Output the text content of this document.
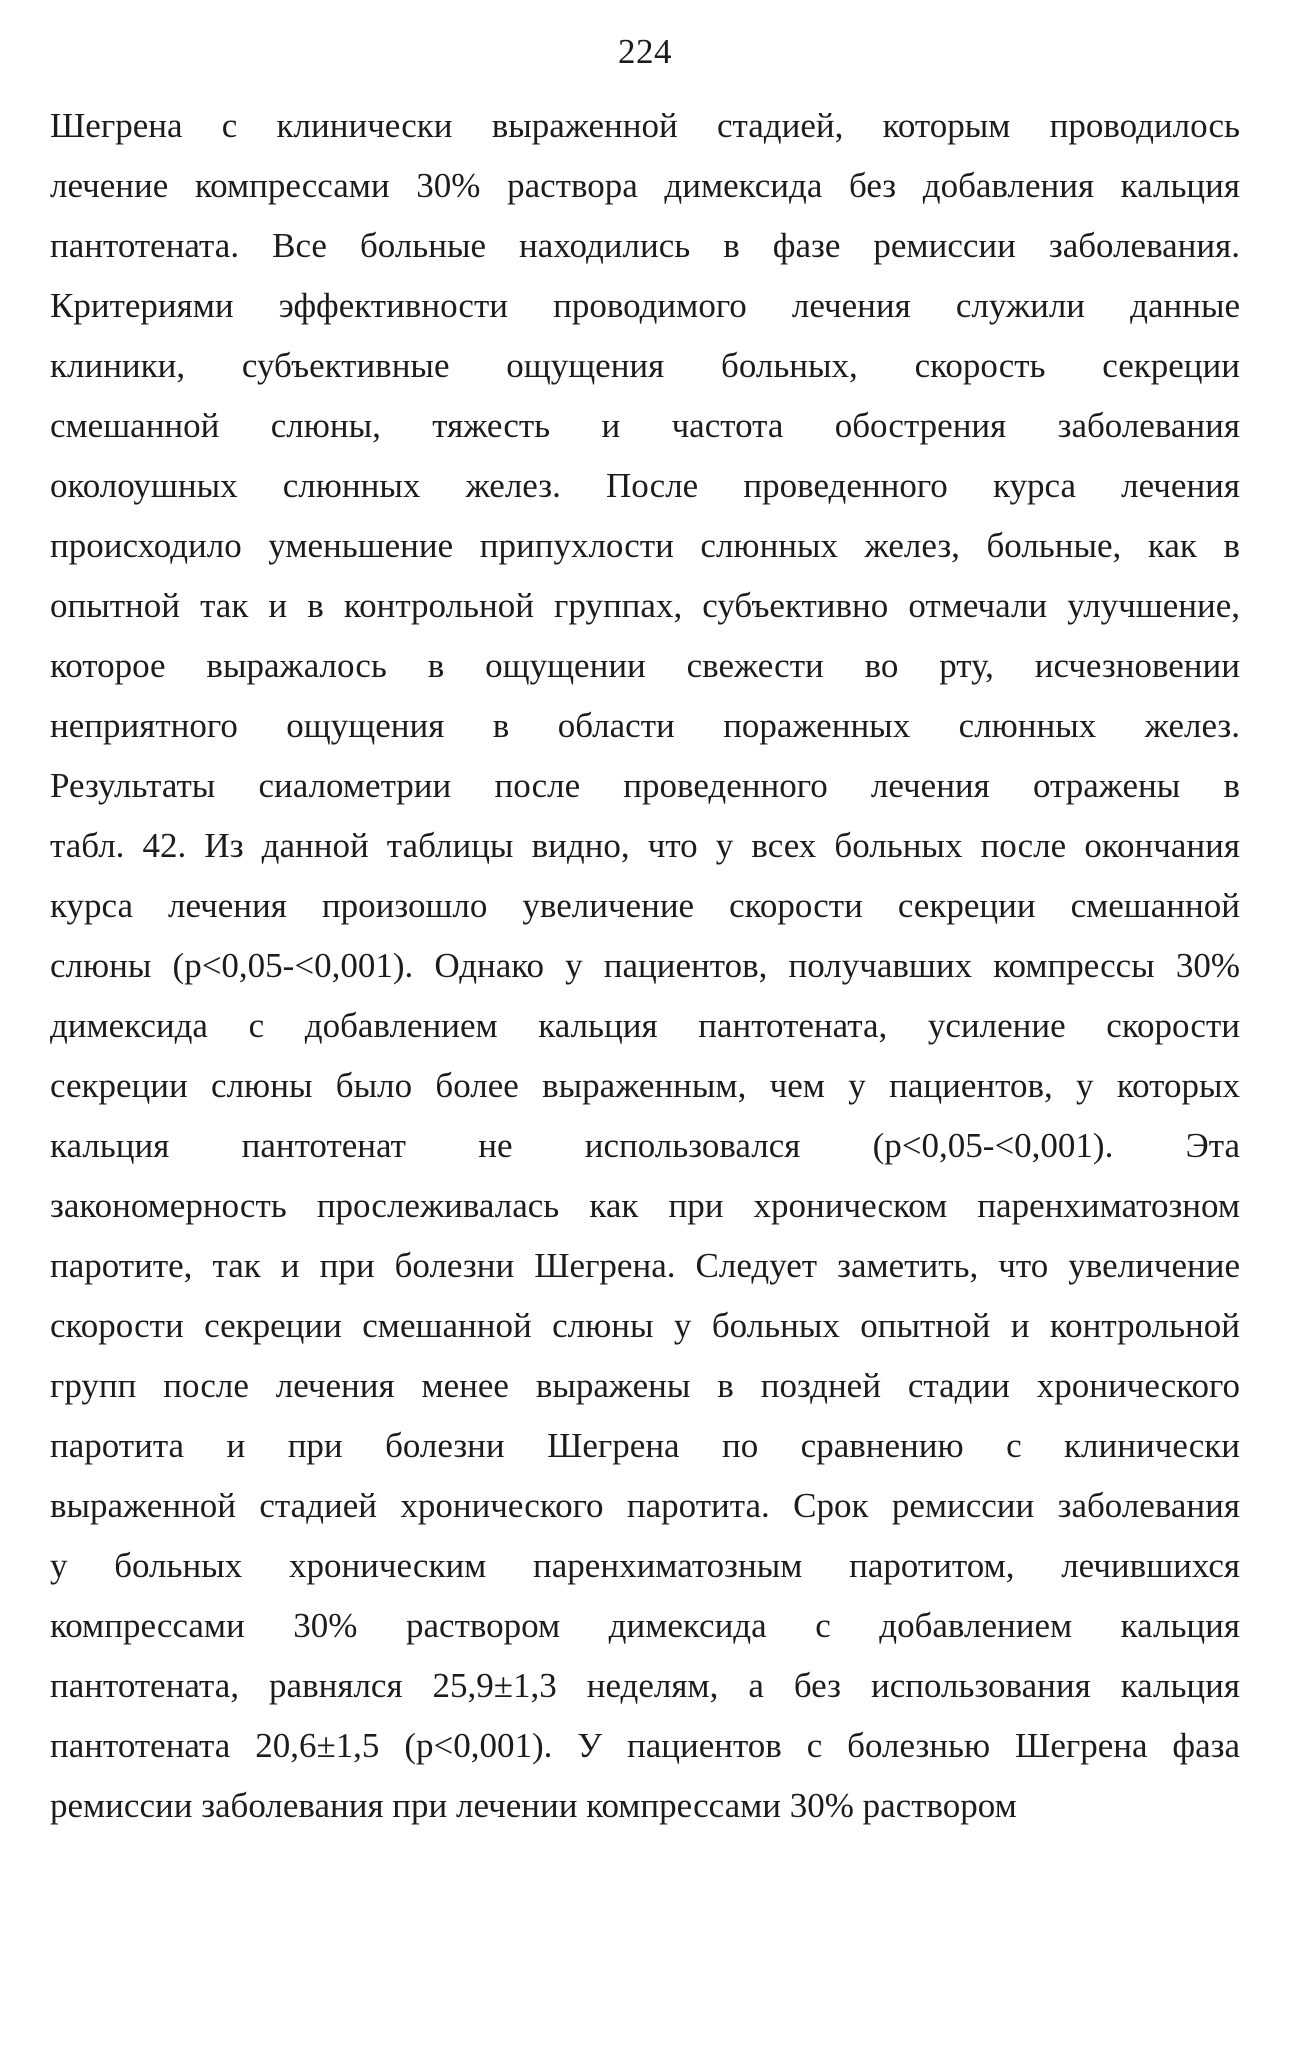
224
Шегрена с клинически выраженной стадией, которым проводилось
лечение компрессами 30% раствора димексида без добавления кальция
пантотената. Все больные находились в фазе ремиссии заболевания.
Критериями эффективности проводимого лечения служили данные
клиники, субъективные ощущения больных, скорость секреции
смешанной слюны, тяжесть и частота обострения заболевания
околоушных слюнных желез. После проведенного курса лечения
происходило уменьшение припухлости слюнных желез, больные, как в
опытной так и в контрольной группах, субъективно отмечали улучшение,
которое выражалось в ощущении свежести во рту, исчезновении
неприятного ощущения в области пораженных слюнных желез.
Результаты сиалометрии после проведенного лечения отражены в
табл. 42. Из данной таблицы видно, что у всех больных после окончания
курса лечения произошло увеличение скорости секреции смешанной
слюны (р<0,05-<0,001). Однако у пациентов, получавших компрессы 30%
димексида с добавлением кальция пантотената, усиление скорости
секреции слюны было более выраженным, чем у пациентов, у которых
кальция пантотенат не использовался (р<0,05-<0,001). Эта
закономерность прослеживалась как при хроническом паренхиматозном
паротите, так и при болезни Шегрена. Следует заметить, что увеличение
скорости секреции смешанной слюны у больных опытной и контрольной
групп после лечения менее выражены в поздней стадии хронического
паротита и при болезни Шегрена по сравнению с клинически
выраженной стадией хронического паротита. Срок ремиссии заболевания
у больных хроническим паренхиматозным паротитом, лечившихся
компрессами 30% раствором димексида с добавлением кальция
пантотената, равнялся 25,9±1,3 неделям, а без использования кальция
пантотената 20,6±1,5 (р<0,001). У пациентов с болезнью Шегрена фаза
ремиссии заболевания при лечении компрессами 30% раствором
